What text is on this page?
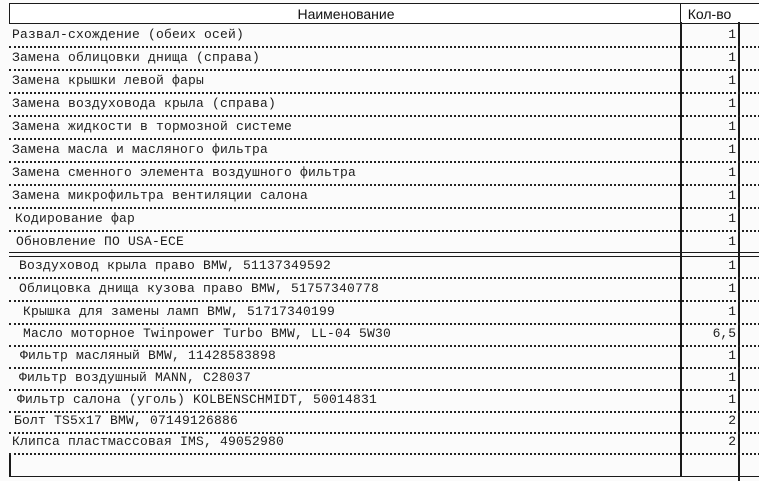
Наименование	Кол-во
Развал-схождение (обеих осей)	1
Замена облицовки днища (справа)	1
Замена крышки левой фары	1
Замена воздуховода крыла (справа)	1
Замена жидкости в тормозной системе	1
Замена масла и масляного фильтра	1
Замена сменного элемента воздушного фильтра	1
Замена микрофильтра вентиляции салона	1
Кодирование фар	1
Обновление ПО USA-ECE	1
Воздуховод крыла право BMW, 51137349592	1
Облицовка днища кузова право BMW, 51757340778	1
Крышка для замены ламп BMW, 51717340199	1
Масло моторное Twinpower Turbo BMW, LL-04 5W30	6,5
Фильтр масляный BMW, 11428583898	1
Фильтр воздушный MANN, C28037	1
Фильтр салона (уголь) KOLBENSCHMIDT, 50014831	1
Болт TS5x17 BMW, 07149126886	2
Клипса пластмассовая IMS, 49052980	2
